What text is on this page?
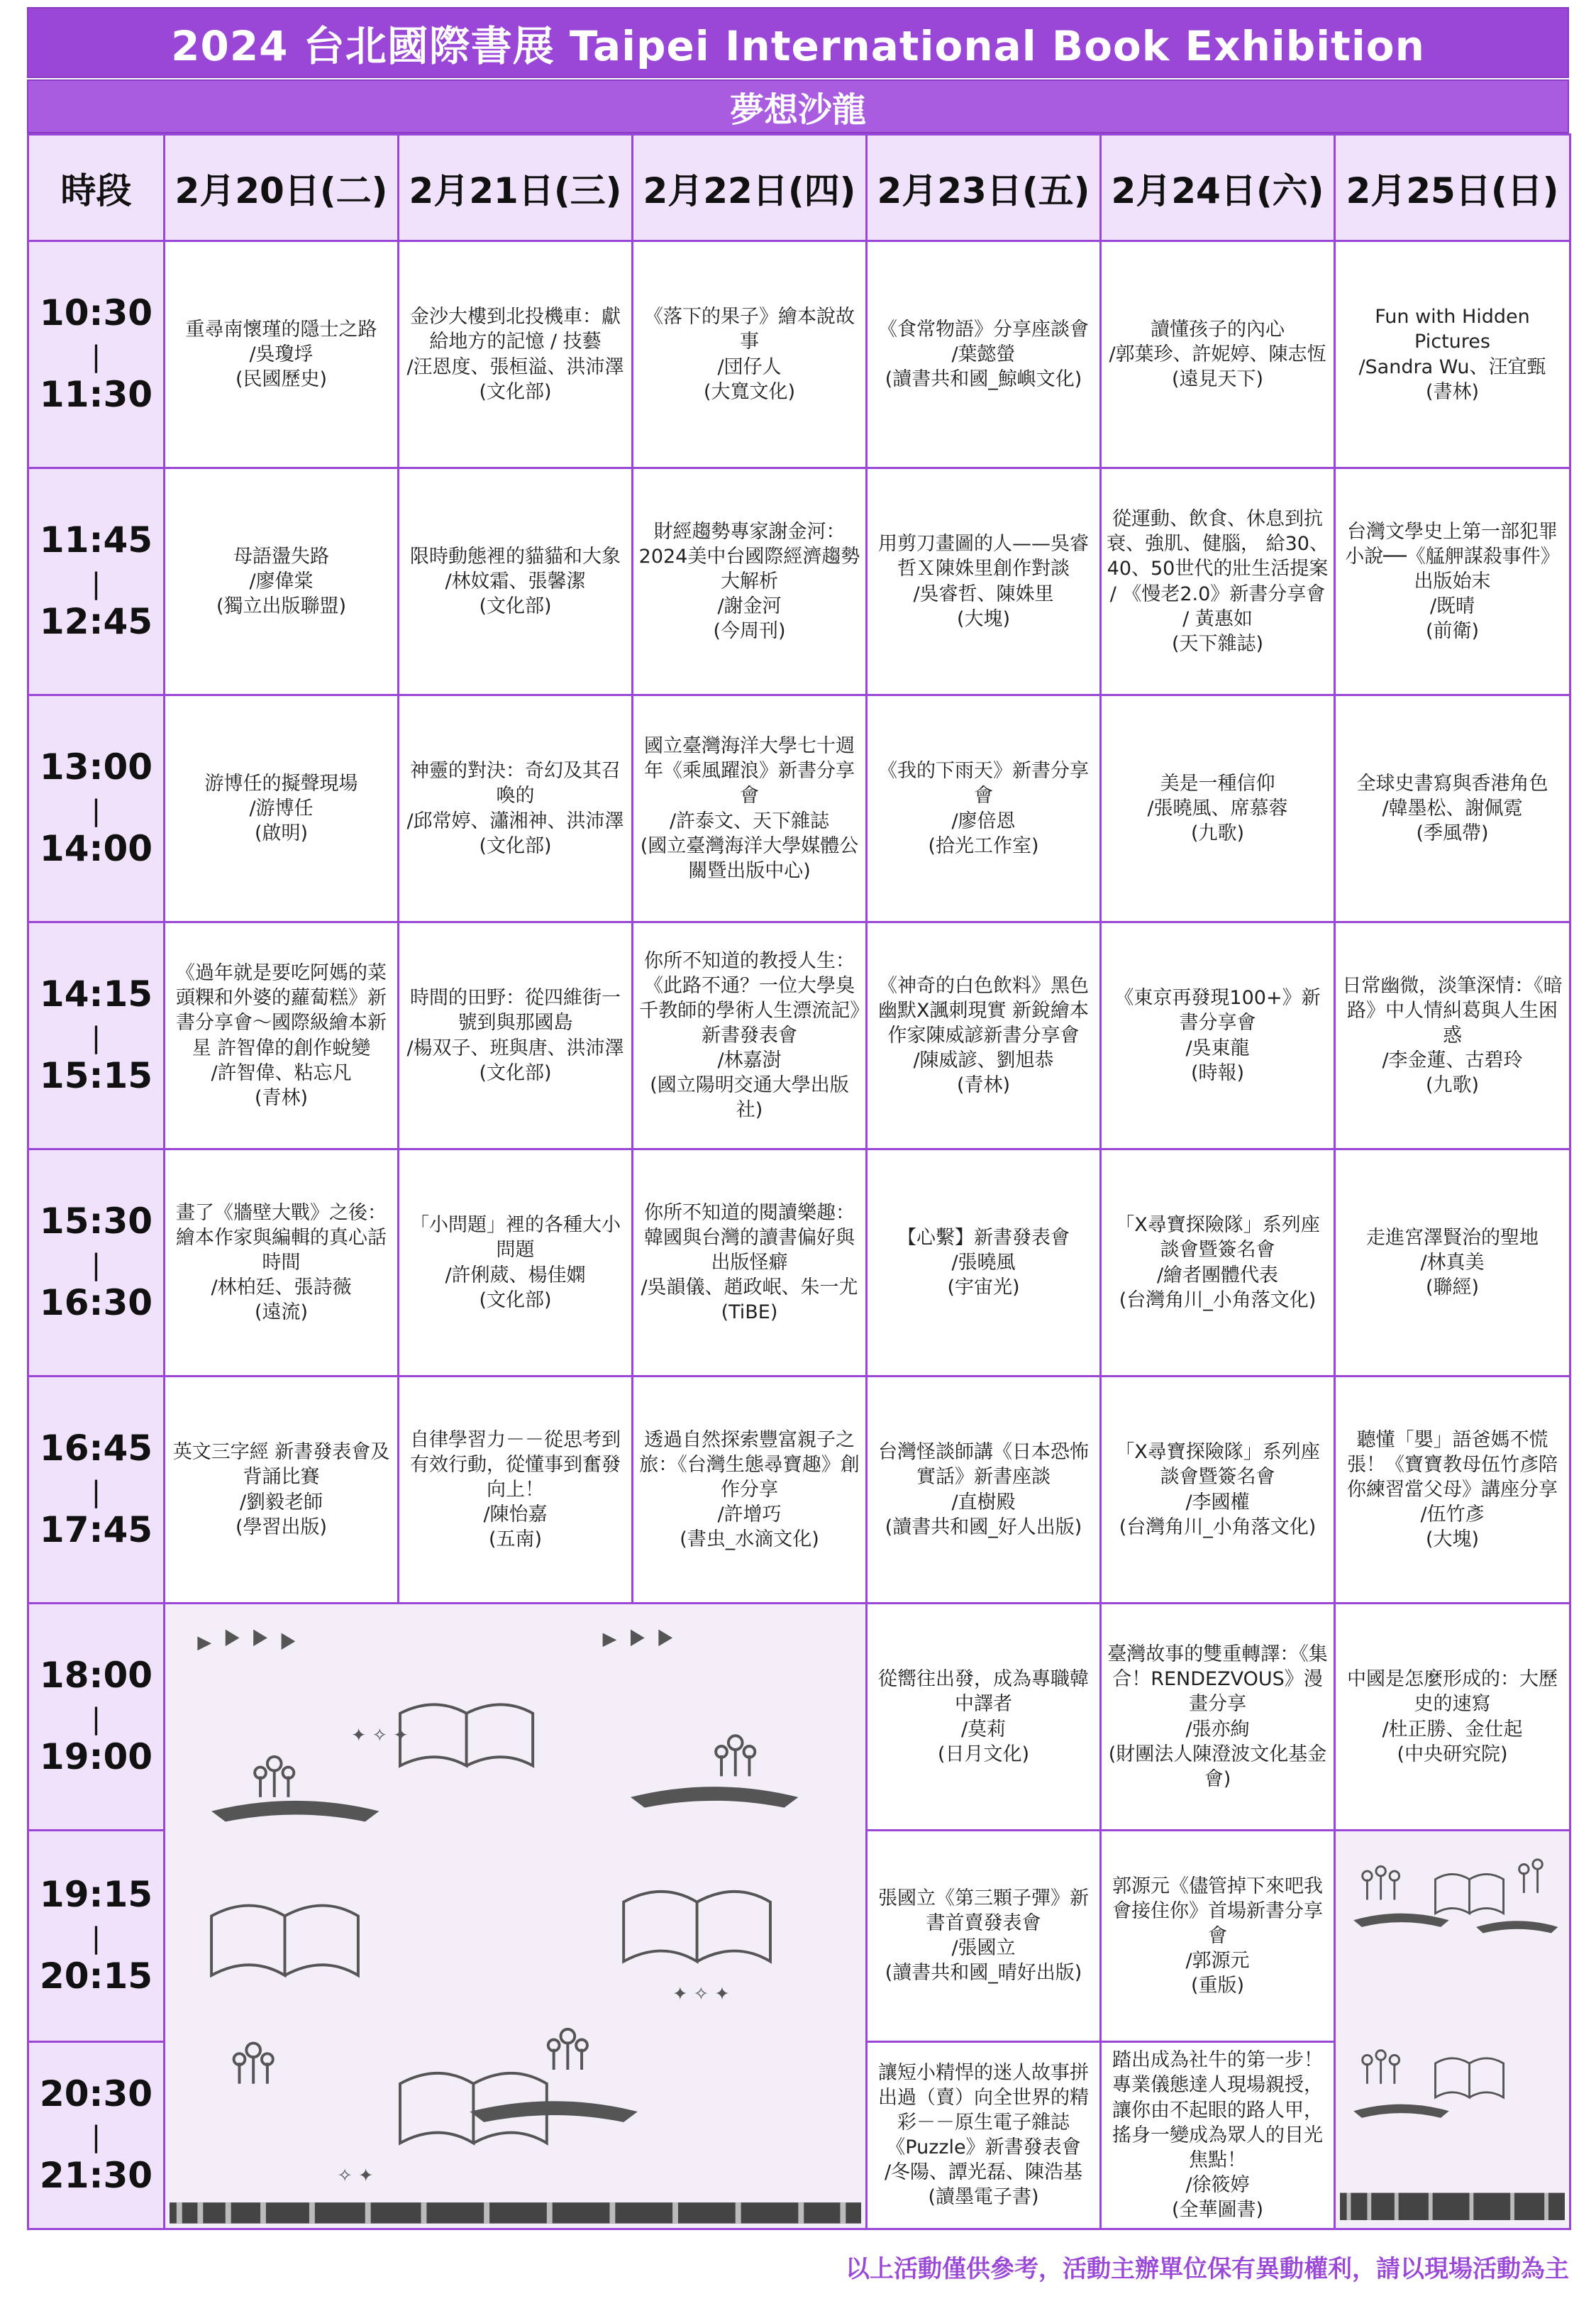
2024 台北國際書展 Taipei International Book Exhibition
夢想沙龍
時段	2月20日(二)	2月21日(三)	2月22日(四)	2月23日(五)	2月24日(六)	2月25日(日)
10:30 | 11:30	重尋南懷瑾的隱士之路
/吳瓊垺
(民國歷史)	金沙大樓到北投機車：獻給地方的記憶 / 技藝
/汪恩度、張桓溢、洪沛澤
(文化部)	《落下的果子》繪本說故事
/団仔人
(大寬文化)	《食常物語》分享座談會
/葉懿螢
(讀書共和國_鯨嶼文化)	讀懂孩子的內心
/郭葉珍、許妮婷、陳志恆
(遠見天下)	Fun with Hidden Pictures
/Sandra Wu、汪宜甄
(書林)

11:45 | 12:45	母語盪失路
/廖偉棠
(獨立出版聯盟)	限時動態裡的貓貓和大象
/林妏霜、張馨潔
(文化部)	財經趨勢專家謝金河：2024美中台國際經濟趨勢大解析
/謝金河
(今周刊)	用剪刀畫圖的人——吳睿哲Ｘ陳姝里創作對談
/吳睿哲、陳姝里
(大塊)	從運動、飲食、休息到抗衰、強肌、健腦， 給30、40、50世代的壯生活提案 / 《慢老2.0》新書分享會
/ 黃惠如
(天下雜誌)	台灣文學史上第一部犯罪小說──《艋舺謀殺事件》出版始末
/既晴
(前衛)

13:00 | 14:00	游博任的擬聲現場
/游博任
(啟明)	神靈的對決：奇幻及其召喚的
/邱常婷、瀟湘神、洪沛澤
(文化部)	國立臺灣海洋大學七十週年《乘風躍浪》新書分享會
/許泰文、天下雜誌
(國立臺灣海洋大學媒體公關暨出版中心)	《我的下雨天》新書分享會
/廖倍恩
(拾光工作室)	美是一種信仰
/張曉風、席慕蓉
(九歌)	全球史書寫與香港角色
/韓墨松、謝佩霓
(季風帶)

14:15 | 15:15	《過年就是要吃阿媽的菜頭粿和外婆的蘿蔔糕》新書分享會～國際級繪本新星 許智偉的創作蛻變
/許智偉、粘忘凡
(青林)	時間的田野：從四維街一號到與那國島
/楊双子、班與唐、洪沛澤
(文化部)	你所不知道的教授人生：《此路不通？一位大學臭千教師的學術人生漂流記》新書發表會
/林嘉澍
(國立陽明交通大學出版社)	《神奇的白色飲料》黑色幽默X諷刺現實 新銳繪本作家陳威諺新書分享會
/陳威諺、劉旭恭
(青林)	《東京再發現100+》新書分享會
/吳東龍
(時報)	日常幽微，淡筆深情：《暗路》中人情糾葛與人生困惑
/李金蓮、古碧玲
(九歌)

15:30 | 16:30	畫了《牆壁大戰》之後：繪本作家與編輯的真心話時間
/林柏廷、張詩薇
(遠流)	「小問題」裡的各種大小問題
/許俐葳、楊佳嫻
(文化部)	你所不知道的閱讀樂趣：韓國與台灣的讀書偏好與出版怪癖
/吳韻儀、趙政岷、朱一尤
(TiBE)	【心繫】新書發表會
/張曉風
(宇宙光)	「X尋寶探險隊」系列座談會暨簽名會
/繪者團體代表
(台灣角川_小角落文化)	走進宮澤賢治的聖地
/林真美
(聯經)

16:45 | 17:45	英文三字經 新書發表會及背誦比賽
/劉毅老師
(學習出版)	自律學習力－－從思考到有效行動，從懂事到奮發向上！
/陳怡嘉
(五南)	透過自然探索豐富親子之旅：《台灣生態尋寶趣》創作分享
/許增巧
(書虫_水滴文化)	台灣怪談師講《日本恐怖實話》新書座談
/直樹殿
(讀書共和國_好人出版)	「X尋寶探險隊」系列座談會暨簽名會
/李國權
(台灣角川_小角落文化)	聽懂「嬰」語爸媽不慌張！《寶寶教母伍竹彥陪你練習當父母》講座分享
/伍竹彥
(大塊)

18:00 | 19:00	✦ ✧ ✦
✦ ✧ ✦
✧ ✦			從嚮往出發，成為專職韓中譯者
/莫莉
(日月文化)	臺灣故事的雙重轉譯：《集合！RENDEZVOUS》漫畫分享
/張亦絢
(財團法人陳澄波文化基金會)	中國是怎麼形成的：大歷史的速寫
/杜正勝、金仕起
(中央研究院)

19:15 | 20:15				張國立《第三顆子彈》新書首賣發表會
/張國立
(讀書共和國_晴好出版)	郭源元《儘管掉下來吧我會接住你》首場新書分享會
/郭源元
(重版)

20:30 | 21:30				讓短小精悍的迷人故事拼出過（賣）向全世界的精彩－－原生電子雜誌《Puzzle》新書發表會
/冬陽、譚光磊、陳浩基
(讀墨電子書)	踏出成為社牛的第一步！專業儀態達人現場親授，讓你由不起眼的路人甲，搖身一變成為眾人的目光焦點！
/徐筱婷
(全華圖書)	
以上活動僅供參考，活動主辦單位保有異動權利，請以現場活動為主
